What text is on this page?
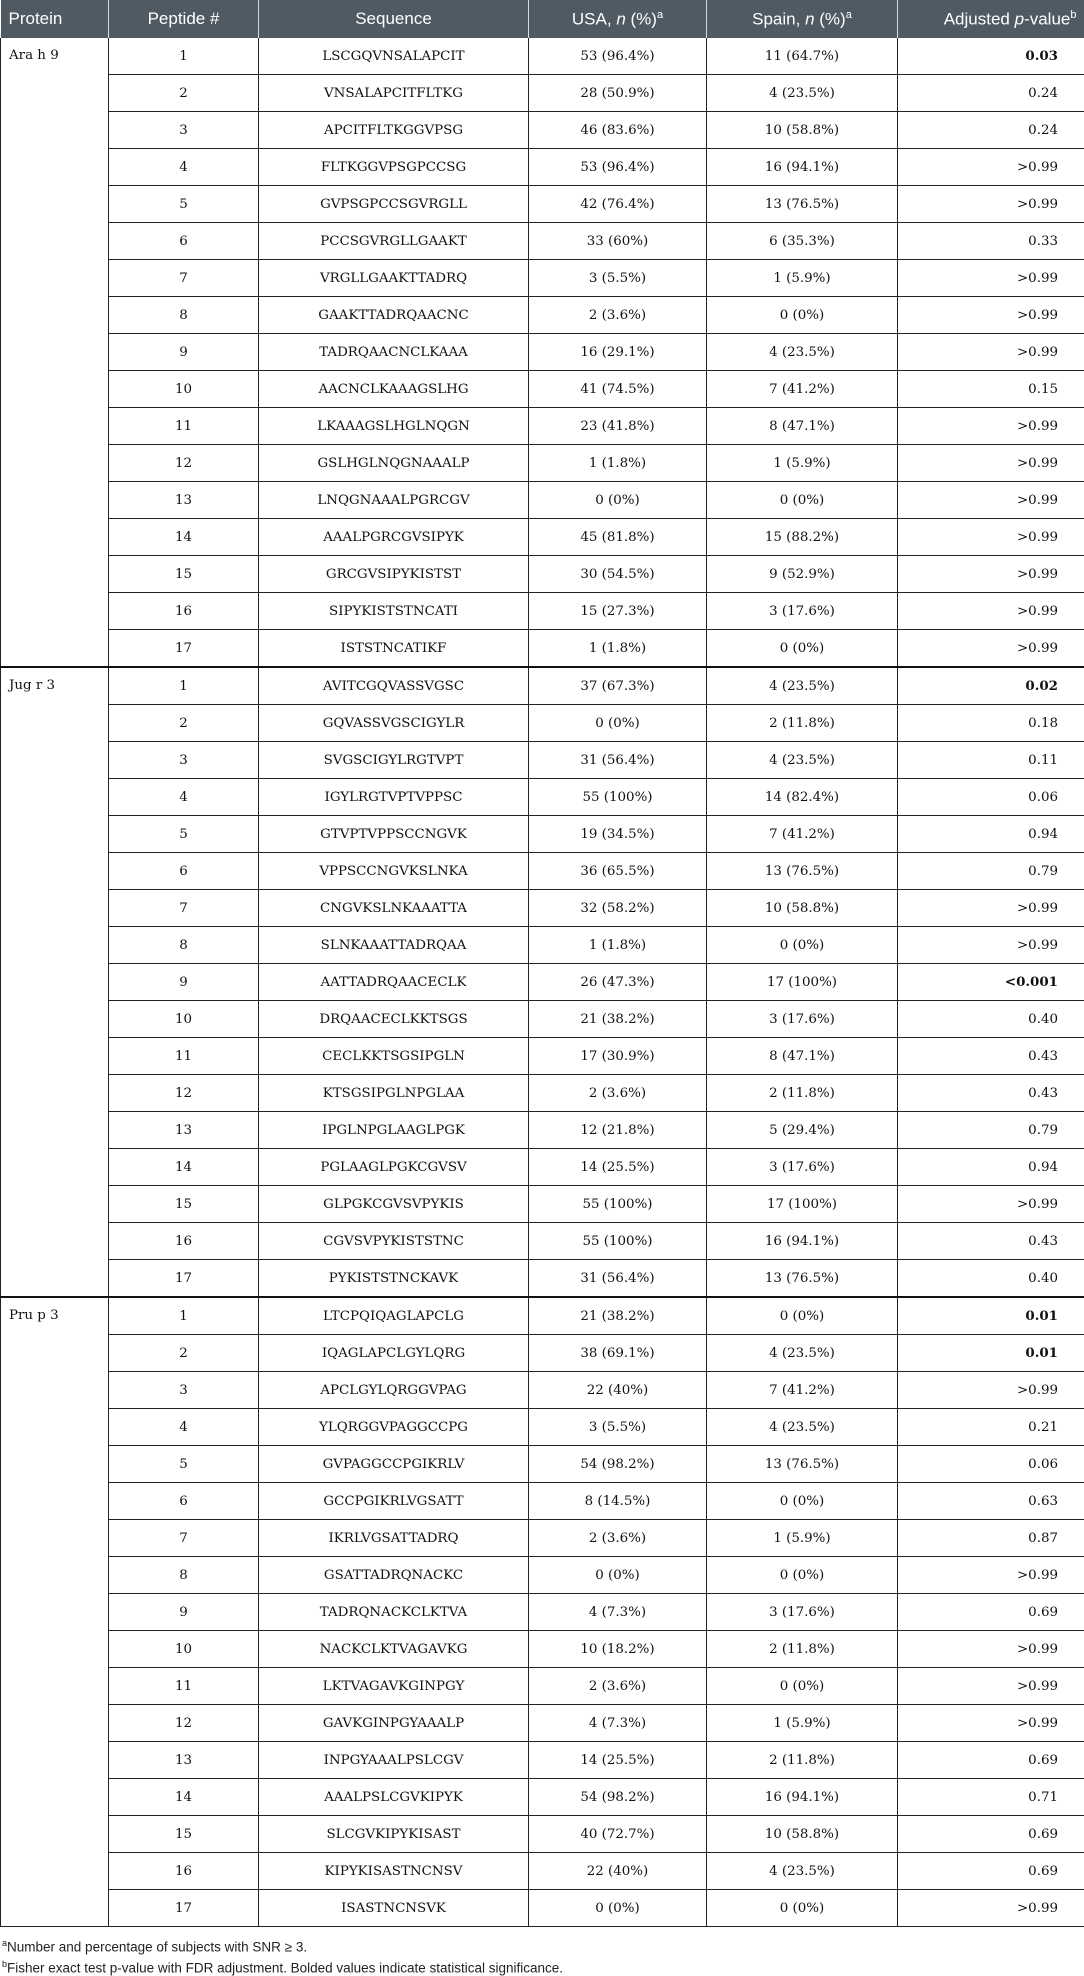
Protein	Peptide #	Sequence	USA, n (%)$^a$	Spain, n (%)$^a$	Adjusted p-value$^b$
Ara h 9	1	LSCGQVNSALAPCIT	53 (96.4%)	11 (64.7%)	0.03
	2	VNSALAPCITFLTKG	28 (50.9%)	4 (23.5%)	0.24
	3	APCITFLTKGGVPSG	46 (83.6%)	10 (58.8%)	0.24
	4	FLTKGGVPSGPCCSG	53 (96.4%)	16 (94.1%)	>0.99
	5	GVPSGPCCSGVRGLL	42 (76.4%)	13 (76.5%)	>0.99
	6	PCCSGVRGLLGAAKT	33 (60%)	6 (35.3%)	0.33
	7	VRGLLGAAKTTADRQ	3 (5.5%)	1 (5.9%)	>0.99
	8	GAAKTTADRQAACNC	2 (3.6%)	0 (0%)	>0.99
	9	TADRQAACNCLKAAA	16 (29.1%)	4 (23.5%)	>0.99
	10	AACNCLKAAAGSLHG	41 (74.5%)	7 (41.2%)	0.15
	11	LKAAAGSLHGLNQGN	23 (41.8%)	8 (47.1%)	>0.99
	12	GSLHGLNQGNAAALP	1 (1.8%)	1 (5.9%)	>0.99
	13	LNQGNAAALPGRCGV	0 (0%)	0 (0%)	>0.99
	14	AAALPGRCGVSIPYK	45 (81.8%)	15 (88.2%)	>0.99
	15	GRCGVSIPYKISTST	30 (54.5%)	9 (52.9%)	>0.99
	16	SIPYKISTSTNCATI	15 (27.3%)	3 (17.6%)	>0.99
	17	ISTSTNCATIKF	1 (1.8%)	0 (0%)	>0.99
Jug r 3	1	AVITCGQVASSVGSC	37 (67.3%)	4 (23.5%)	0.02
	2	GQVASSVGSCIGYLR	0 (0%)	2 (11.8%)	0.18
	3	SVGSCIGYLRGTVPT	31 (56.4%)	4 (23.5%)	0.11
	4	IGYLRGTVPTVPPSC	55 (100%)	14 (82.4%)	0.06
	5	GTVPTVPPSCCNGVK	19 (34.5%)	7 (41.2%)	0.94
	6	VPPSCCNGVKSLNKA	36 (65.5%)	13 (76.5%)	0.79
	7	CNGVKSLNKAAATTA	32 (58.2%)	10 (58.8%)	>0.99
	8	SLNKAAATTADRQAA	1 (1.8%)	0 (0%)	>0.99
	9	AATTADRQAACECLK	26 (47.3%)	17 (100%)	<0.001
	10	DRQAACECLKKTSGS	21 (38.2%)	3 (17.6%)	0.40
	11	CECLKKTSGSIPGLN	17 (30.9%)	8 (47.1%)	0.43
	12	KTSGSIPGLNPGLAA	2 (3.6%)	2 (11.8%)	0.43
	13	IPGLNPGLAAGLPGK	12 (21.8%)	5 (29.4%)	0.79
	14	PGLAAGLPGKCGVSV	14 (25.5%)	3 (17.6%)	0.94
	15	GLPGKCGVSVPYKIS	55 (100%)	17 (100%)	>0.99
	16	CGVSVPYKISTSTNC	55 (100%)	16 (94.1%)	0.43
	17	PYKISTSTNCKAVK	31 (56.4%)	13 (76.5%)	0.40
Pru p 3	1	LTCPQIQAGLAPCLG	21 (38.2%)	0 (0%)	0.01
	2	IQAGLAPCLGYLQRG	38 (69.1%)	4 (23.5%)	0.01
	3	APCLGYLQRGGVPAG	22 (40%)	7 (41.2%)	>0.99
	4	YLQRGGVPAGGCCPG	3 (5.5%)	4 (23.5%)	0.21
	5	GVPAGGCCPGIKRLV	54 (98.2%)	13 (76.5%)	0.06
	6	GCCPGIKRLVGSATT	8 (14.5%)	0 (0%)	0.63
	7	IKRLVGSATTADRQ	2 (3.6%)	1 (5.9%)	0.87
	8	GSATTADRQNACKC	0 (0%)	0 (0%)	>0.99
	9	TADRQNACKCLKTVA	4 (7.3%)	3 (17.6%)	0.69
	10	NACKCLKTVAGAVKG	10 (18.2%)	2 (11.8%)	>0.99
	11	LKTVAGAVKGINPGY	2 (3.6%)	0 (0%)	>0.99
	12	GAVKGINPGYAAALP	4 (7.3%)	1 (5.9%)	>0.99
	13	INPGYAAALPSLCGV	14 (25.5%)	2 (11.8%)	0.69
	14	AAALPSLCGVKIPYK	54 (98.2%)	16 (94.1%)	0.71
	15	SLCGVKIPYKISAST	40 (72.7%)	10 (58.8%)	0.69
	16	KIPYKISASTNCNSV	22 (40%)	4 (23.5%)	0.69
	17	ISASTNCNSVK	0 (0%)	0 (0%)	>0.99
$^a$Number and percentage of subjects with SNR ≥ 3.
$^b$Fisher exact test p-value with FDR adjustment. Bolded values indicate statistical significance.
